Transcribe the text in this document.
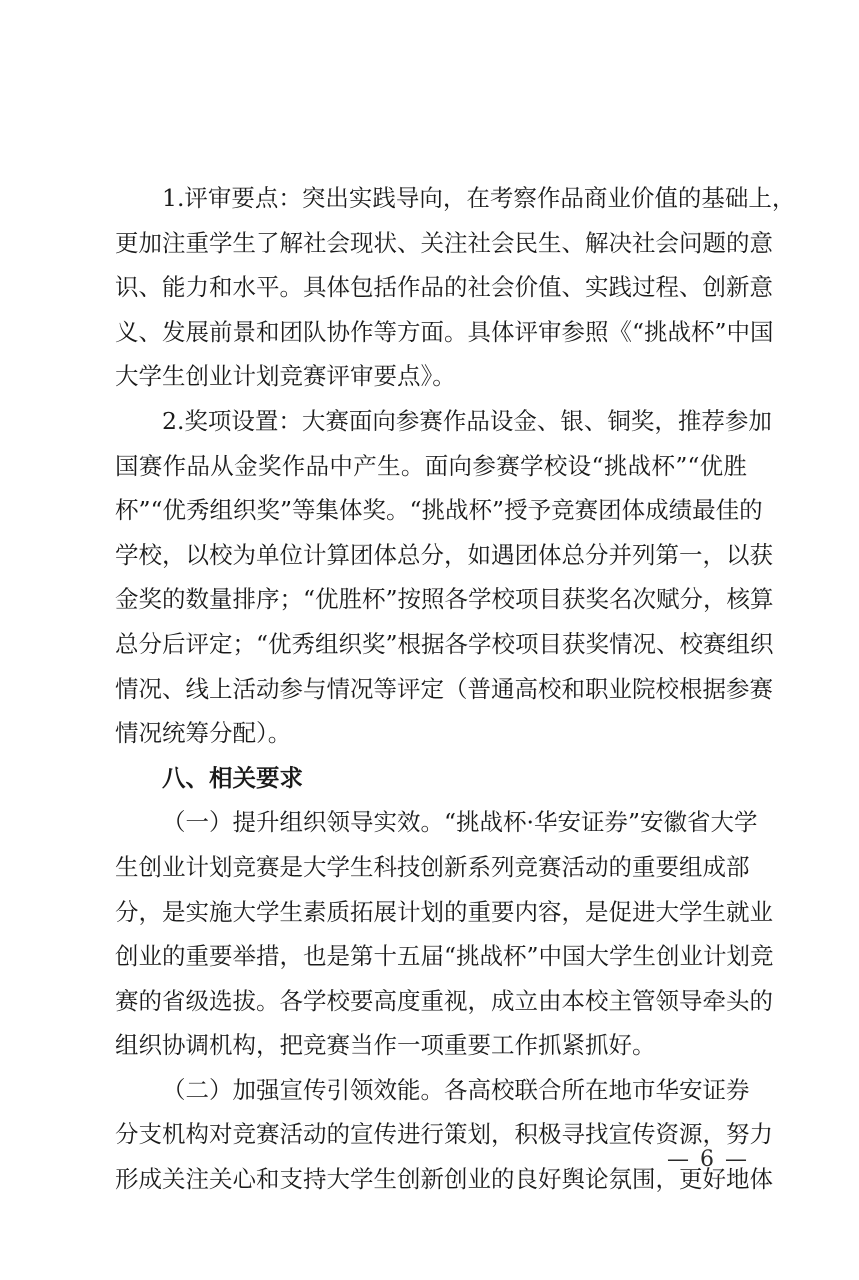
1.评审要点：突出实践导向，在考察作品商业价值的基础上，
更加注重学生了解社会现状、关注社会民生、解决社会问题的意
识、能力和水平。具体包括作品的社会价值、实践过程、创新意
义、发展前景和团队协作等方面。具体评审参照《“挑战杯”中国
大学生创业计划竞赛评审要点》。

2.奖项设置：大赛面向参赛作品设金、银、铜奖，推荐参加
国赛作品从金奖作品中产生。面向参赛学校设“挑战杯”“优胜
杯”“优秀组织奖”等集体奖。“挑战杯”授予竞赛团体成绩最佳的
学校，以校为单位计算团体总分，如遇团体总分并列第一，以获
金奖的数量排序；“优胜杯”按照各学校项目获奖名次赋分，核算
总分后评定；“优秀组织奖”根据各学校项目获奖情况、校赛组织
情况、线上活动参与情况等评定（普通高校和职业院校根据参赛
情况统筹分配）。

八、相关要求

（一）提升组织领导实效。“挑战杯·华安证券”安徽省大学
生创业计划竞赛是大学生科技创新系列竞赛活动的重要组成部
分，是实施大学生素质拓展计划的重要内容，是促进大学生就业
创业的重要举措，也是第十五届“挑战杯”中国大学生创业计划竞
赛的省级选拔。各学校要高度重视，成立由本校主管领导牵头的
组织协调机构，把竞赛当作一项重要工作抓紧抓好。

（二）加强宣传引领效能。各高校联合所在地市华安证券
分支机构对竞赛活动的宣传进行策划，积极寻找宣传资源，努力
形成关注关心和支持大学生创新创业的良好舆论氛围，更好地体

— 6 —
